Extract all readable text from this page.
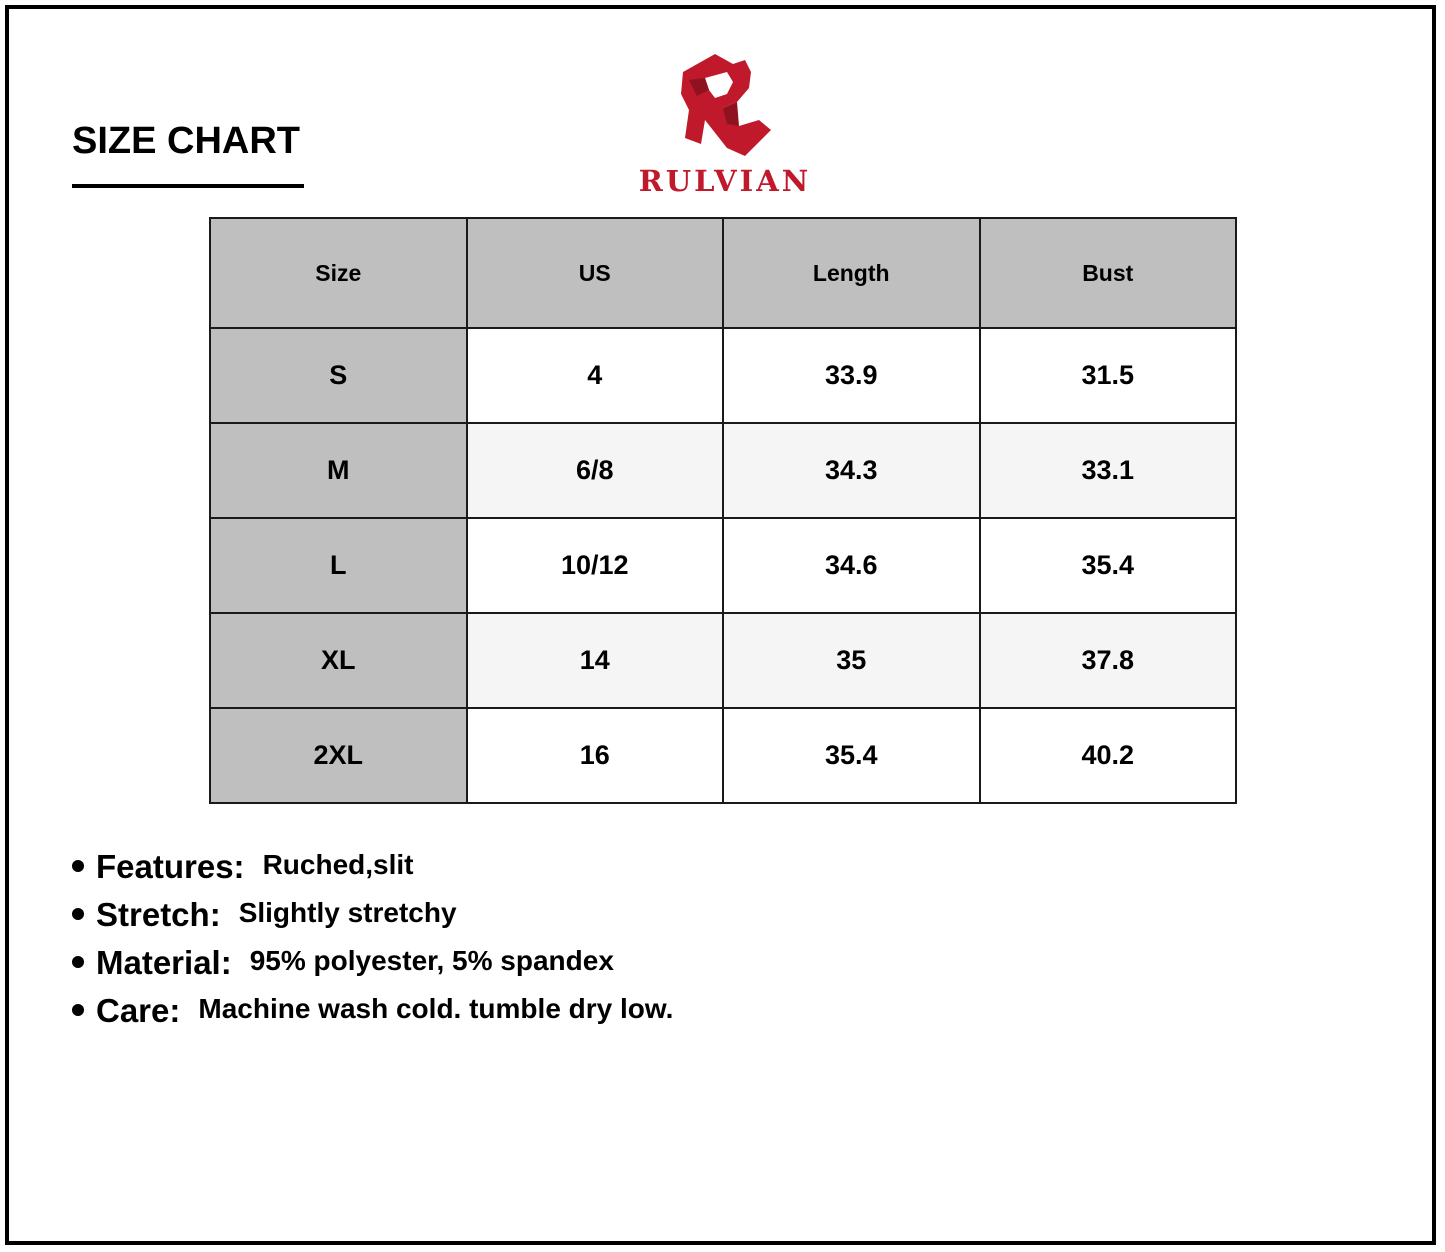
SIZE CHART
RULVIAN
Size	US	Length	Bust
S	4	33.9	31.5
M	6/8	34.3	33.1
L	10/12	34.6	35.4
XL	14	35	37.8
2XL	16	35.4	40.2
Features: Ruched,slit
Stretch: Slightly stretchy
Material: 95% polyester, 5% spandex
Care: Machine wash cold. tumble dry low.
